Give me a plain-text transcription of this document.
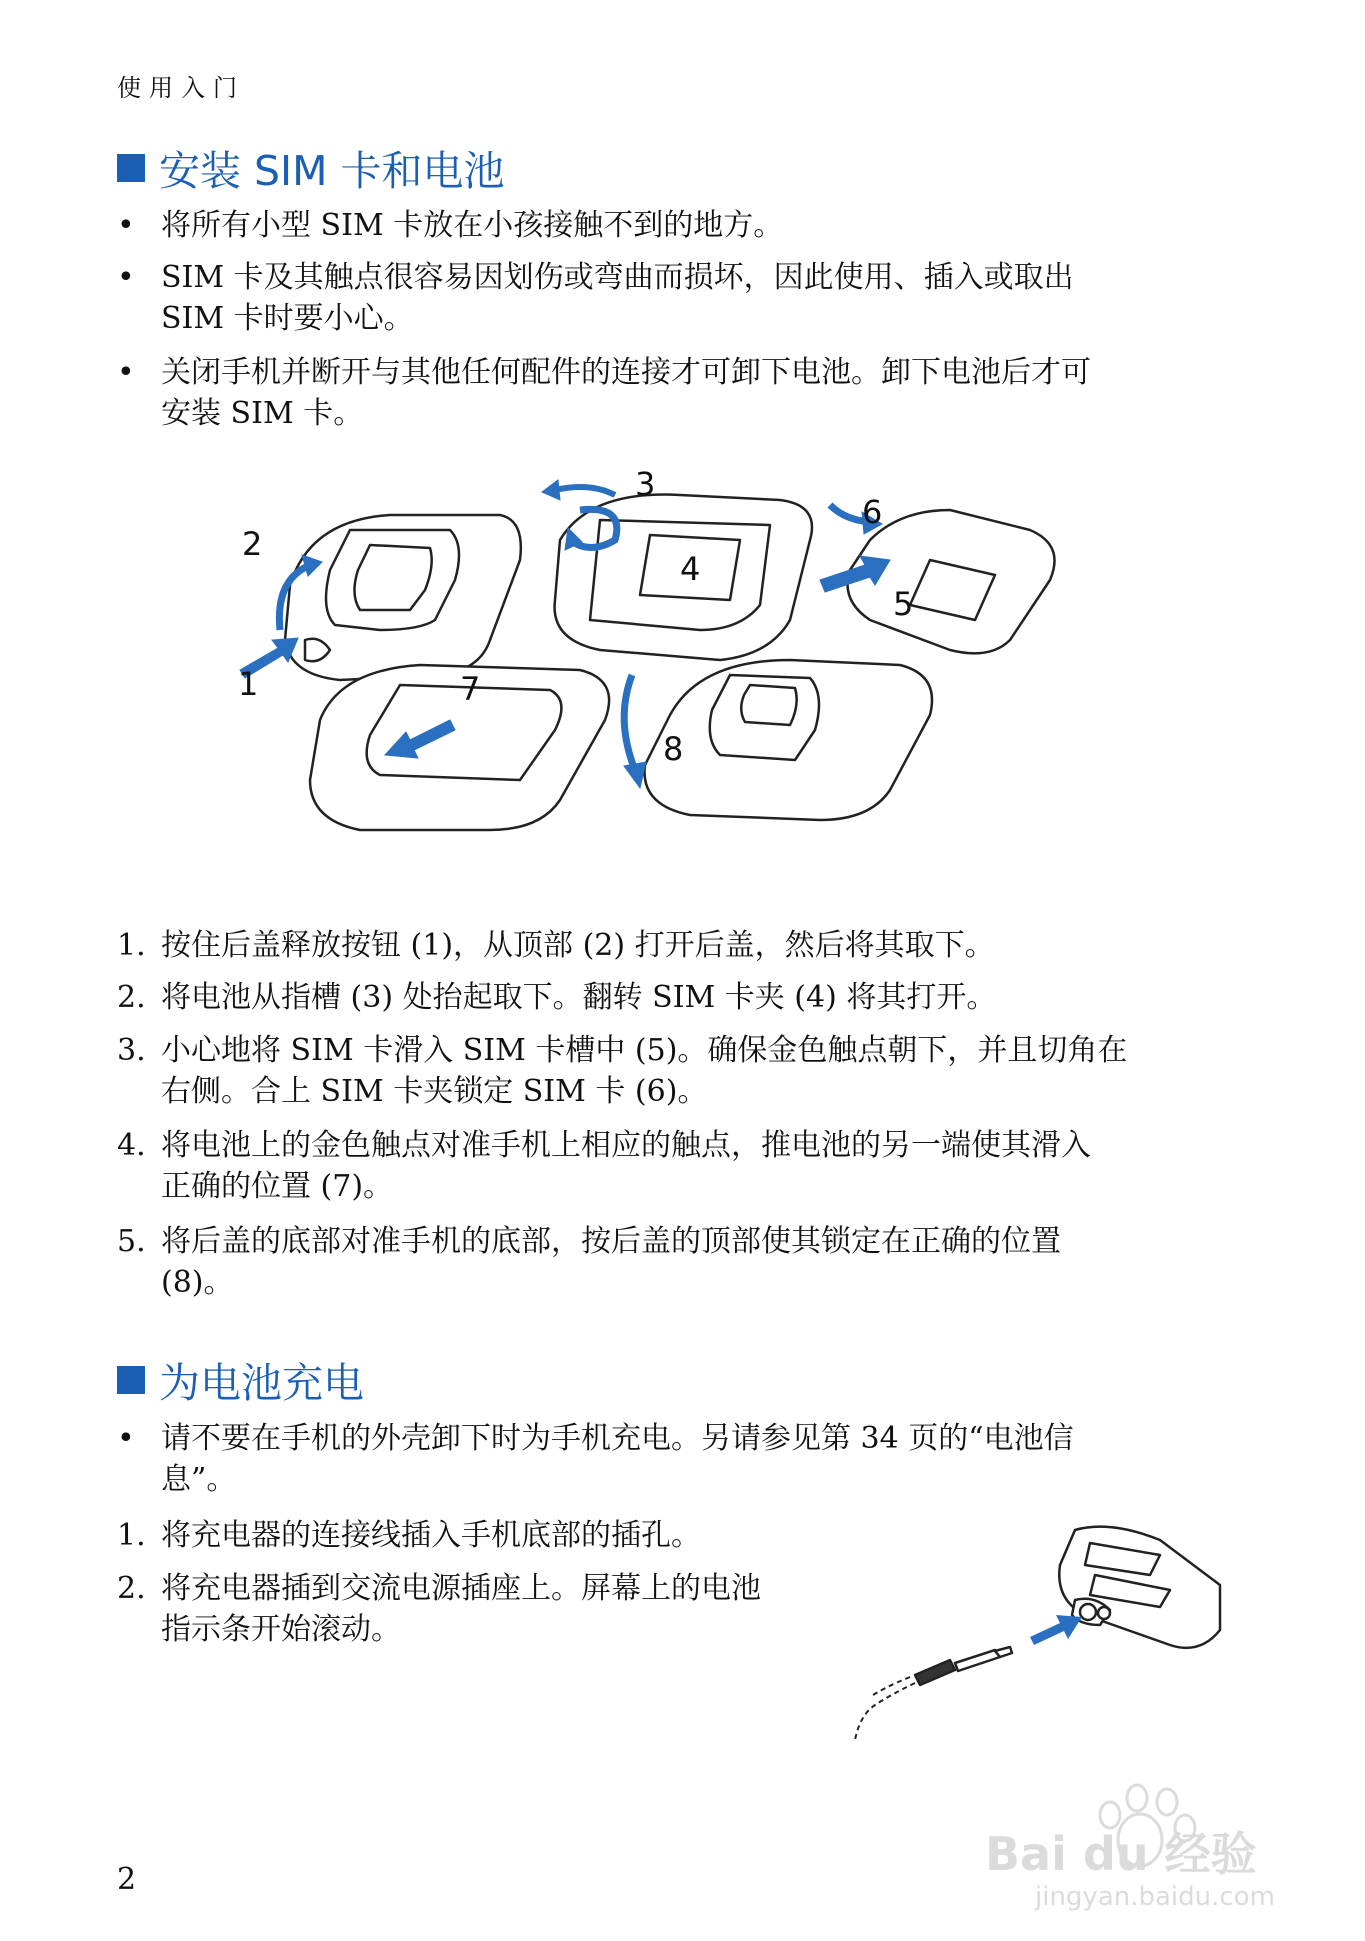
使用入门
安装 SIM 卡和电池
• 将所有小型 SIM 卡放在小孩接触不到的地方。
• SIM 卡及其触点很容易因划伤或弯曲而损坏，因此使用、插入或取出
SIM 卡时要小心。
• 关闭手机并断开与其他任何配件的连接才可卸下电池。卸下电池后才可
安装 SIM 卡。
1
2
3
4
5
6
7
8
1. 按住后盖释放按钮 (1)，从顶部 (2) 打开后盖，然后将其取下。
2. 将电池从指槽 (3) 处抬起取下。翻转 SIM 卡夹 (4) 将其打开。
3. 小心地将 SIM 卡滑入 SIM 卡槽中 (5)。确保金色触点朝下，并且切角在
右侧。合上 SIM 卡夹锁定 SIM 卡 (6)。
4. 将电池上的金色触点对准手机上相应的触点，推电池的另一端使其滑入
正确的位置 (7)。
5. 将后盖的底部对准手机的底部，按后盖的顶部使其锁定在正确的位置
(8)。
为电池充电
• 请不要在手机的外壳卸下时为手机充电。另请参见第 34 页的“电池信
息”。
1. 将充电器的连接线插入手机底部的插孔。
2. 将充电器插到交流电源插座上。屏幕上的电池
指示条开始滚动。
2	Bai du 经验
jingyan.baidu.com
